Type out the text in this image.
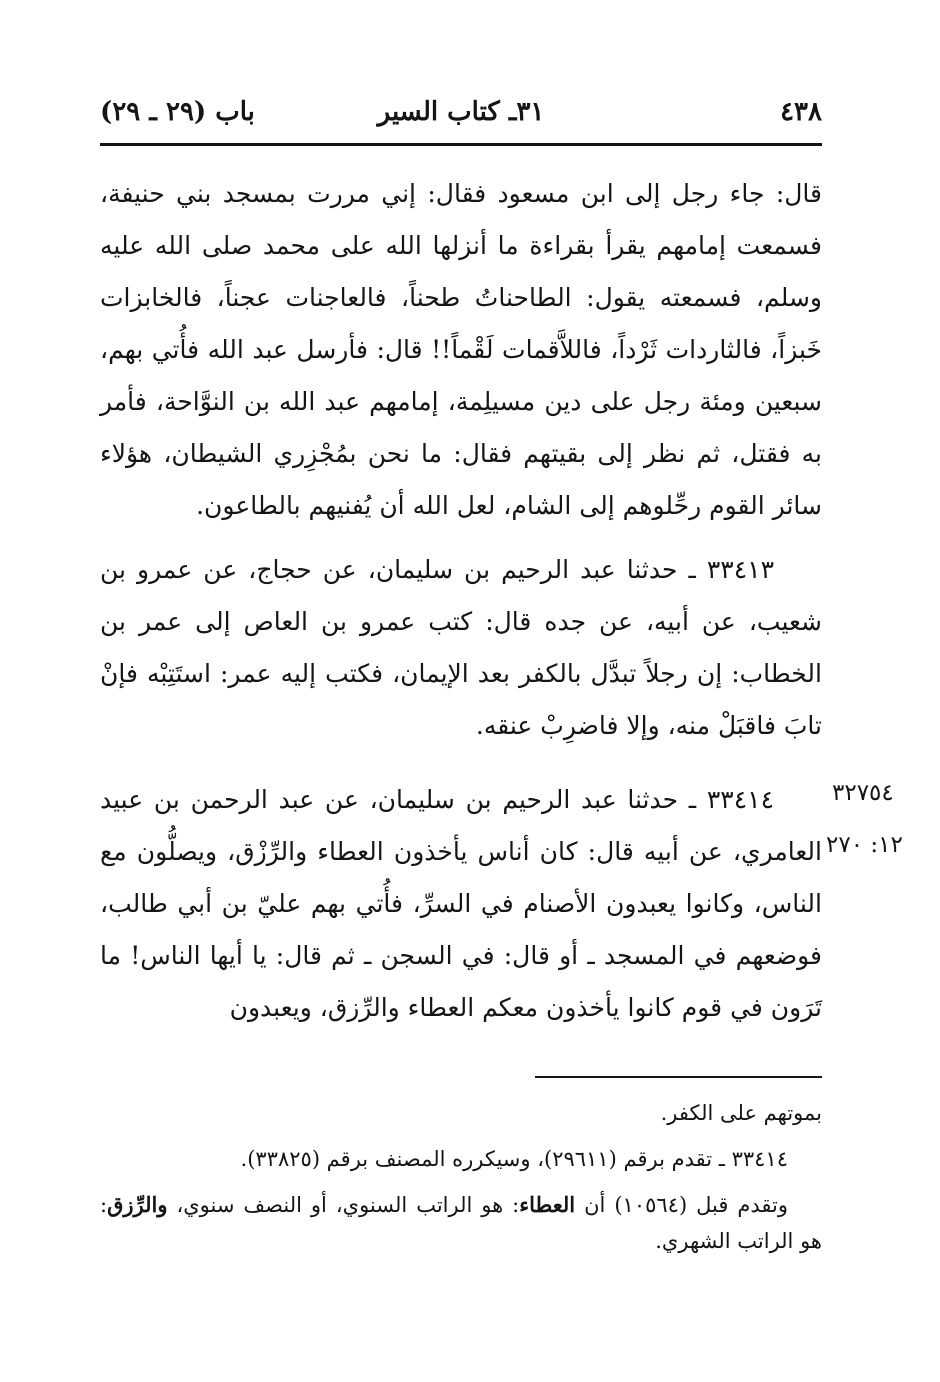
٤٣٨
٣١ـ كتاب السير
باب (٢٩ ـ ٢٩)

قال: جاء رجل إلى ابن مسعود فقال: إني مررت بمسجد بني حنيفة، فسمعت إمامهم يقرأ بقراءة ما أنزلها الله على محمد صلى الله عليه وسلم، فسمعته يقول: الطاحناتُ طحناً، فالعاجنات عجناً، فالخابزات خَبزاً، فالثاردات ثَرْداً، فاللاَّقمات لَقْماً!! قال: فأرسل عبد الله فأُتي بهم، سبعين ومئة رجل على دين مسيلِمة، إمامهم عبد الله بن النوَّاحة، فأمر به فقتل، ثم نظر إلى بقيتهم فقال: ما نحن بمُجْزِري الشيطان، هؤلاء سائر القوم رحِّلوهم إلى الشام، لعل الله أن يُفنيهم بالطاعون.

٣٣٤١٣ ـ حدثنا عبد الرحيم بن سليمان، عن حجاج، عن عمرو بن شعيب، عن أبيه، عن جده قال: كتب عمرو بن العاص إلى عمر بن الخطاب: إن رجلاً تبدَّل بالكفر بعد الإيمان، فكتب إليه عمر: استَتِبْه فإنْ تابَ فاقبَلْ منه، وإلا فاضرِبْ عنقه.

٣٢٧٥٤
١٢: ٢٧٠

٣٣٤١٤ ـ حدثنا عبد الرحيم بن سليمان، عن عبد الرحمن بن عبيد العامري، عن أبيه قال: كان أناس يأخذون العطاء والرِّزْق، ويصلُّون مع الناس، وكانوا يعبدون الأصنام في السرِّ، فأُتي بهم عليّ بن أبي طالب، فوضعهم في المسجد ـ أو قال: في السجن ـ ثم قال: يا أيها الناس! ما تَرَون في قوم كانوا يأخذون معكم العطاء والرِّزق، ويعبدون

بموتهم على الكفر.

٣٣٤١٤ ـ تقدم برقم (٢٩٦١١)، وسيكرره المصنف برقم (٣٣٨٢٥).

وتقدم قبل (١٠٥٦٤) أن العطاء: هو الراتب السنوي، أو النصف سنوي، والرِّزق: هو الراتب الشهري.
